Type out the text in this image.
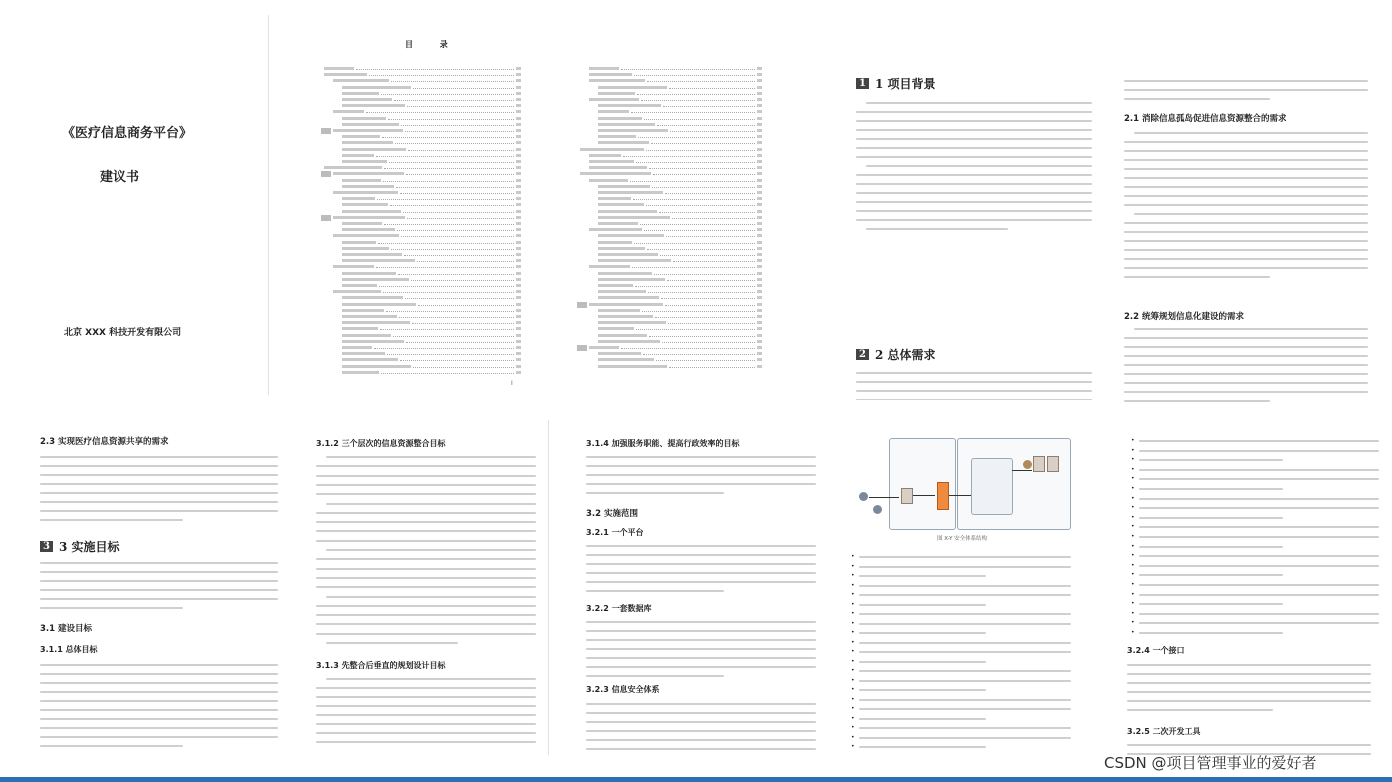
《医疗信息商务平台》
建议书
北京 XXX 科技开发有限公司
目 录
I
1 1 项目背景
2 2 总体需求
2.1 消除信息孤岛促进信息资源整合的需求
2.2 统筹规划信息化建设的需求
2.3 实现医疗信息资源共享的需求
3 3 实施目标
3.1 建设目标
3.1.1 总体目标
3.1.2 三个层次的信息资源整合目标
3.1.3 先整合后垂直的规划设计目标
3.1.4 加强服务职能、提高行政效率的目标
3.2 实施范围
3.2.1 一个平台
3.2.2 一套数据库
3.2.3 信息安全体系
图 X-Y 安全体系结构
•
•
•
•
•
•
•
•
•
•
•
•
•
•
•
•
•
•
•
•
•
•
•
•
•
•
•
•
•
•
•
•
•
•
•
•
•
•
•
•
•
•
3.2.4 一个接口
3.2.5 二次开发工具
CSDN @项目管理事业的爱好者
